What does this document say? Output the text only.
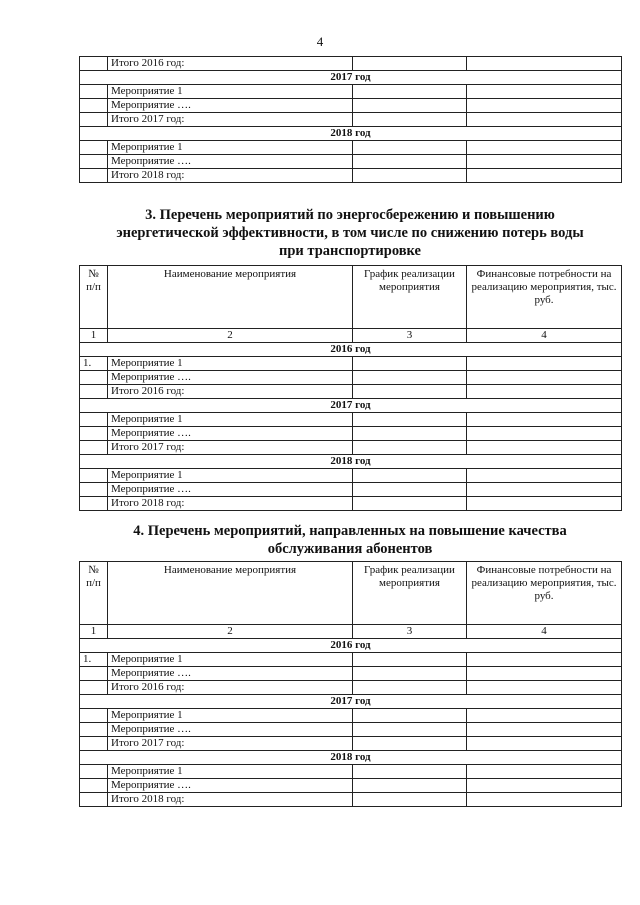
4
	Итого 2016 год:		
2017 год			
	Мероприятие 1		
	Мероприятие ….		
	Итого 2017 год:		
2018 год			
	Мероприятие 1		
	Мероприятие ….		
	Итого 2018 год:		
3. Перечень мероприятий по энергосбережению и повышению
энергетической эффективности, в том числе по снижению потерь воды
при транспортировке
№ п/п	Наименование мероприятия	График реализации мероприятия	Финансовые потребности на реализацию мероприятия, тыс. руб.
1	2	3	4
2016 год			
1.	Мероприятие 1		
	Мероприятие ….		
	Итого 2016 год:		
2017 год			
	Мероприятие 1		
	Мероприятие ….		
	Итого 2017 год:		
2018 год			
	Мероприятие 1		
	Мероприятие ….		
	Итого 2018 год:		
4. Перечень мероприятий, направленных на повышение качества
обслуживания абонентов
№ п/п	Наименование мероприятия	График реализации мероприятия	Финансовые потребности на реализацию мероприятия, тыс. руб.
1	2	3	4
2016 год			
1.	Мероприятие 1		
	Мероприятие ….		
	Итого 2016 год:		
2017 год			
	Мероприятие 1		
	Мероприятие ….		
	Итого 2017 год:		
2018 год			
	Мероприятие 1		
	Мероприятие ….		
	Итого 2018 год:		
